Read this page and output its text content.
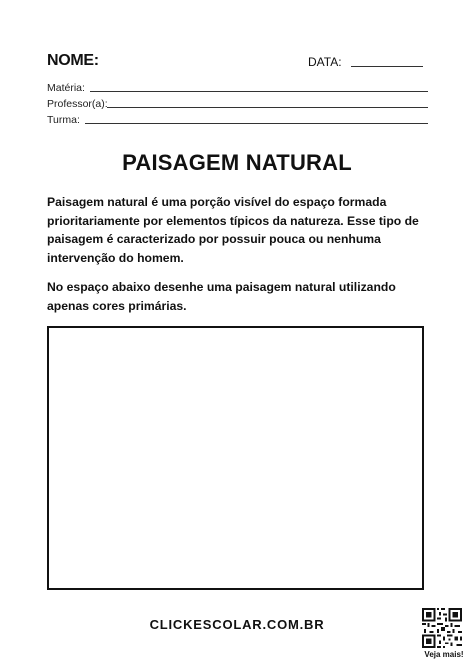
NOME:	DATA:
Matéria:
Professor(a):
Turma:
PAISAGEM NATURAL
Paisagem natural é uma porção visível do espaço formada prioritariamente por elementos típicos da natureza. Esse tipo de paisagem é caracterizado por possuir pouca ou nenhuma intervenção do homem.
No espaço abaixo desenhe uma paisagem natural utilizando apenas cores primárias.
CLICKESCOLAR.COM.BR
Veja mais!
